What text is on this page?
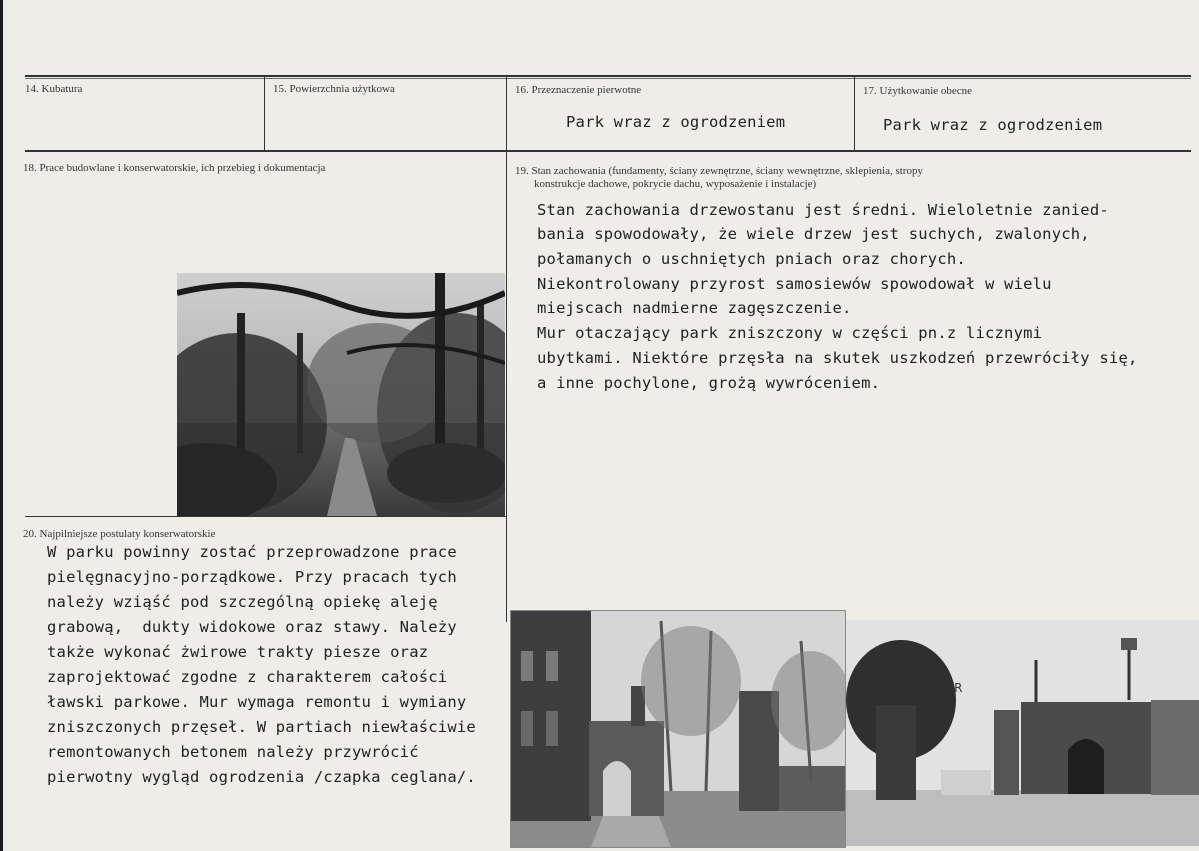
14. Kubatura	15. Powierzchnia użytkowa	16. Przeznaczenie pierwotne
Park wraz z ogrodzeniem
17. Użytkowanie obecne
Park wraz z ogrodzeniem
18. Prace budowlane i konserwatorskie, ich przebieg i dokumentacja	19. Stan zachowania (fundamenty, ściany zewnętrzne, ściany wewnętrzne, sklepienia, stropy
konstrukcje dachowe, pokrycie dachu, wyposażenie i instalacje)
Stan zachowania drzewostanu jest średni. Wieloletnie zanied-
bania spowodowały, że wiele drzew jest suchych, zwalonych,
połamanych o uschniętych pniach oraz chorych.
Niekontrolowany przyrost samosiewów spowodował w wielu
miejscach nadmierne zagęszczenie.
Mur otaczający park zniszczony w części pn.z licznymi
ubytkami. Niektóre przęsła na skutek uszkodzeń przewróciły się,
a inne pochylone, grożą wywróceniem.
20. Najpilniejsze postulaty konserwatorskie
W parku powinny zostać przeprowadzone prace
pielęgnacyjno-porządkowe. Przy pracach tych
należy wziąść pod szczególną opiekę aleję
grabową,  dukty widokowe oraz stawy. Należy
także wykonać żwirowe trakty piesze oraz
zaprojektować zgodne z charakterem całości
ławski parkowe. Mur wymaga remontu i wymiany
zniszczonych przęseł. W partiach niewłaściwie
remontowanych betonem należy przywrócić
pierwotny wygląd ogrodzenia /czapka ceglana/.
G R
